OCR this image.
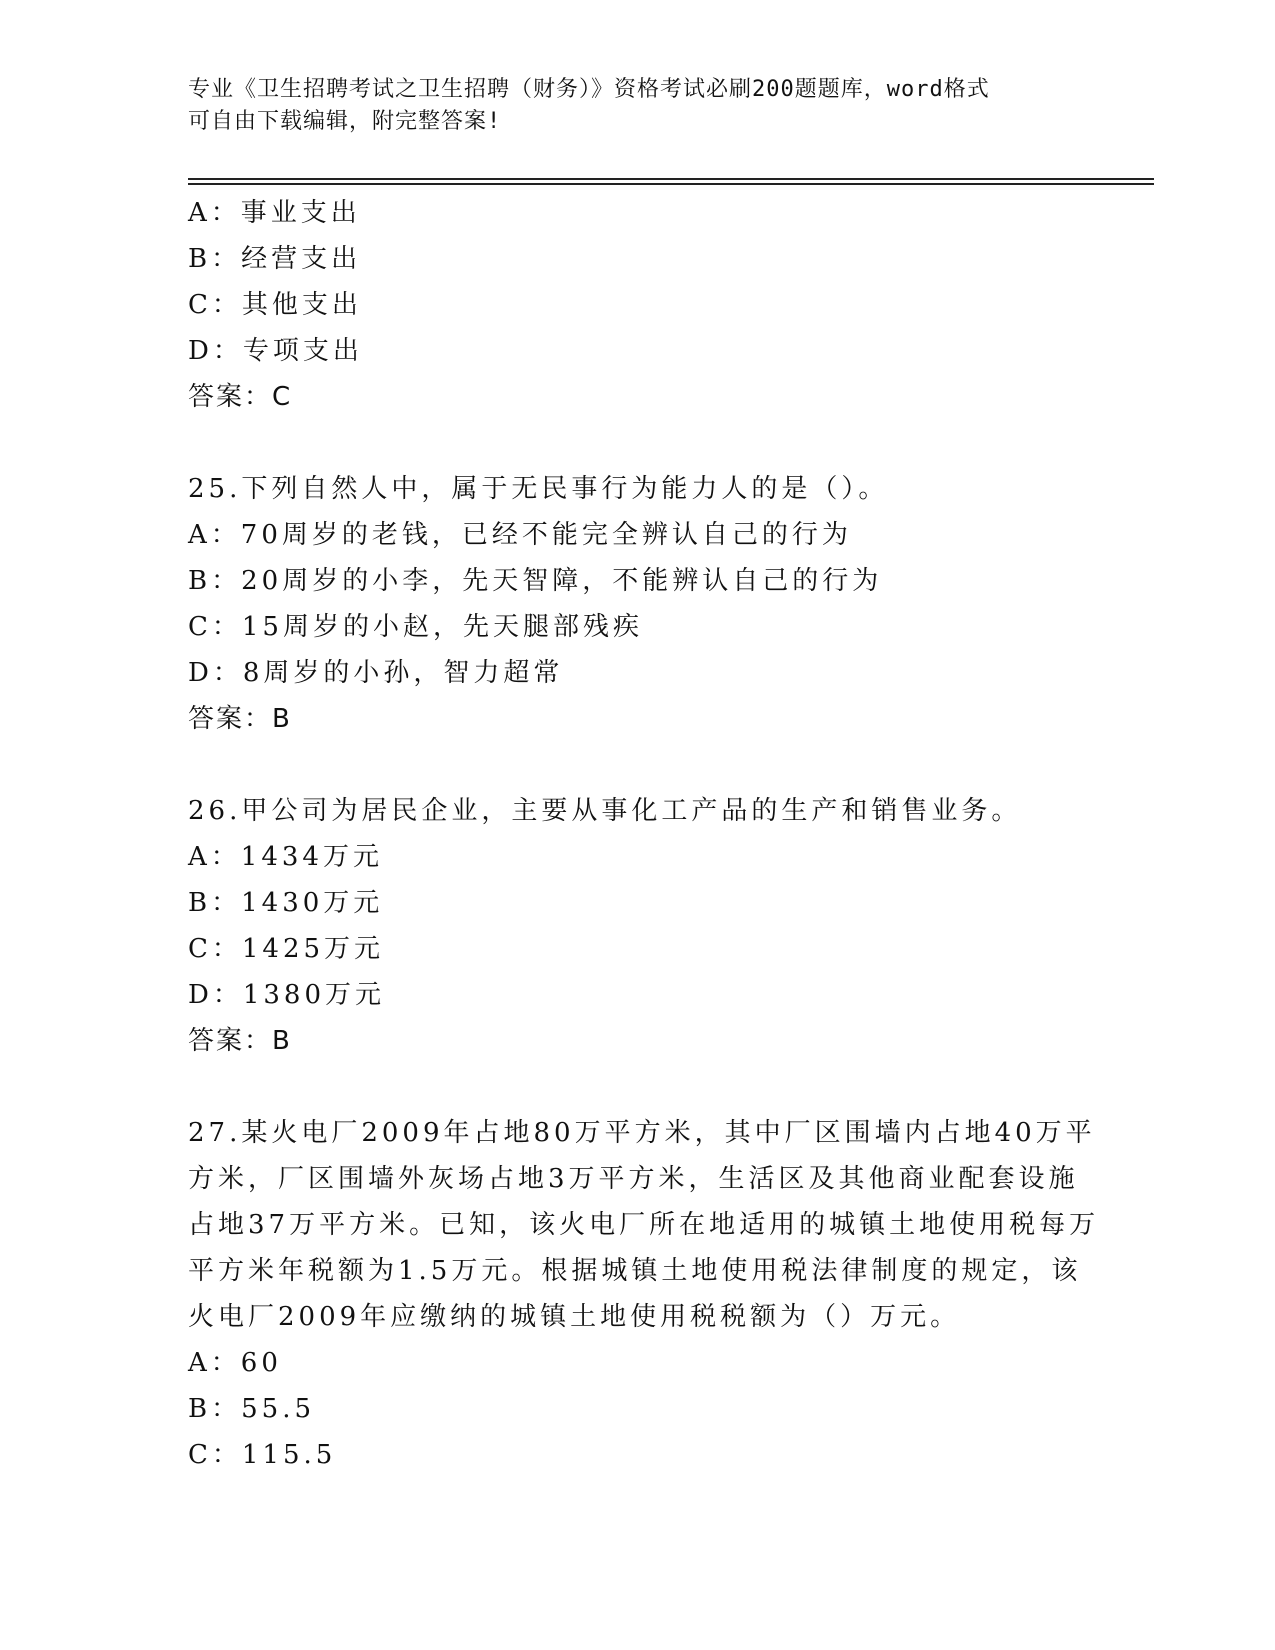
专业《卫生招聘考试之卫生招聘（财务）》资格考试必刷200题题库，word格式
可自由下载编辑，附完整答案!
A：事业支出
B：经营支出
C：其他支出
D：专项支出
答案：C
25.下列自然人中，属于无民事行为能力人的是（）。
A：70周岁的老钱，已经不能完全辨认自己的行为
B：20周岁的小李，先天智障，不能辨认自己的行为
C：15周岁的小赵，先天腿部残疾
D：8周岁的小孙，智力超常
答案：B
26.甲公司为居民企业，主要从事化工产品的生产和销售业务。
A：1434万元
B：1430万元
C：1425万元
D：1380万元
答案：B
27.某火电厂2009年占地80万平方米，其中厂区围墙内占地40万平
方米，厂区围墙外灰场占地3万平方米，生活区及其他商业配套设施
占地37万平方米。已知，该火电厂所在地适用的城镇土地使用税每万
平方米年税额为1.5万元。根据城镇土地使用税法律制度的规定，该
火电厂2009年应缴纳的城镇土地使用税税额为（）万元。
A：60
B：55.5
C：115.5
